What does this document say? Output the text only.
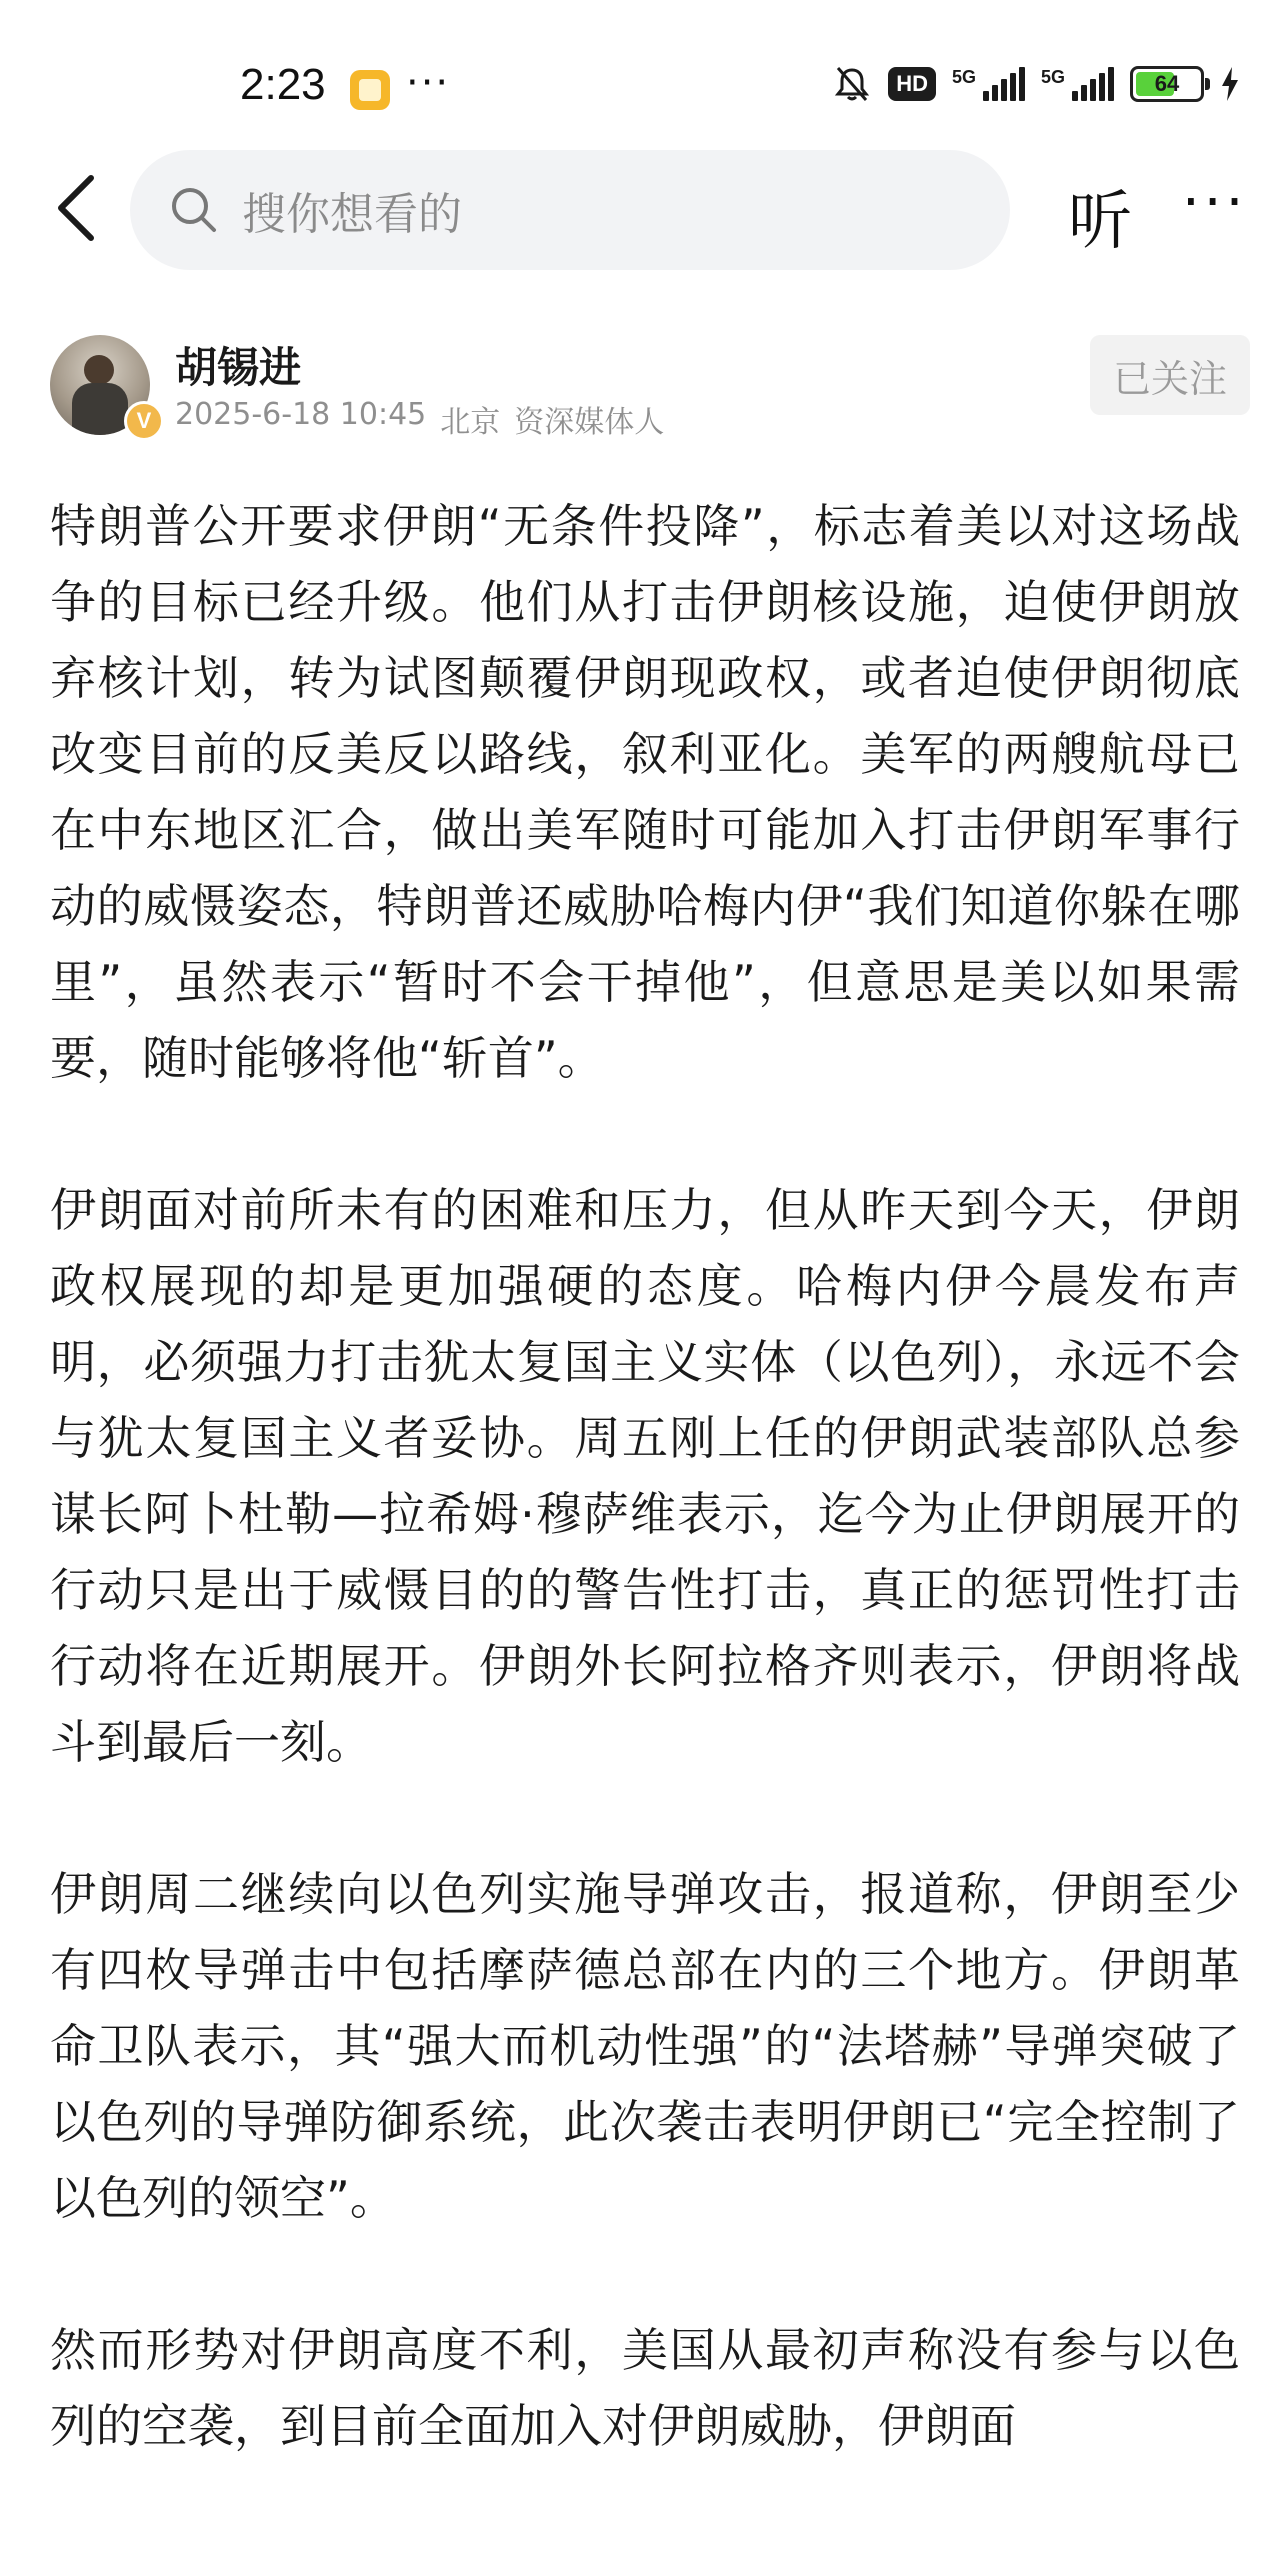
2:23 ···	HD	5G	5G	64
搜你想看的	听 ···
V
胡锡进
2025-6-18 10:45 北京 资深媒体人
已关注

特朗普公开要求伊朗“无条件投降”，标志着美以对这场战争的目标已经升级。他们从打击伊朗核设施，迫使伊朗放弃核计划，转为试图颠覆伊朗现政权，或者迫使伊朗彻底改变目前的反美反以路线，叙利亚化。美军的两艘航母已在中东地区汇合，做出美军随时可能加入打击伊朗军事行动的威慑姿态，特朗普还威胁哈梅内伊“我们知道你躲在哪里”，虽然表示“暂时不会干掉他”，但意思是美以如果需要，随时能够将他“斩首”。

伊朗面对前所未有的困难和压力，但从昨天到今天，伊朗政权展现的却是更加强硬的态度。哈梅内伊今晨发布声明，必须强力打击犹太复国主义实体（以色列），永远不会与犹太复国主义者妥协。周五刚上任的伊朗武装部队总参谋长阿卜杜勒—拉希姆·穆萨维表示，迄今为止伊朗展开的行动只是出于威慑目的的警告性打击，真正的惩罚性打击行动将在近期展开。伊朗外长阿拉格齐则表示，伊朗将战斗到最后一刻。

伊朗周二继续向以色列实施导弹攻击，报道称，伊朗至少有四枚导弹击中包括摩萨德总部在内的三个地方。伊朗革命卫队表示，其“强大而机动性强”的“法塔赫”导弹突破了以色列的导弹防御系统，此次袭击表明伊朗已“完全控制了以色列的领空”。

然而形势对伊朗高度不利，美国从最初声称没有参与以色列的空袭，到目前全面加入对伊朗威胁，伊朗面
